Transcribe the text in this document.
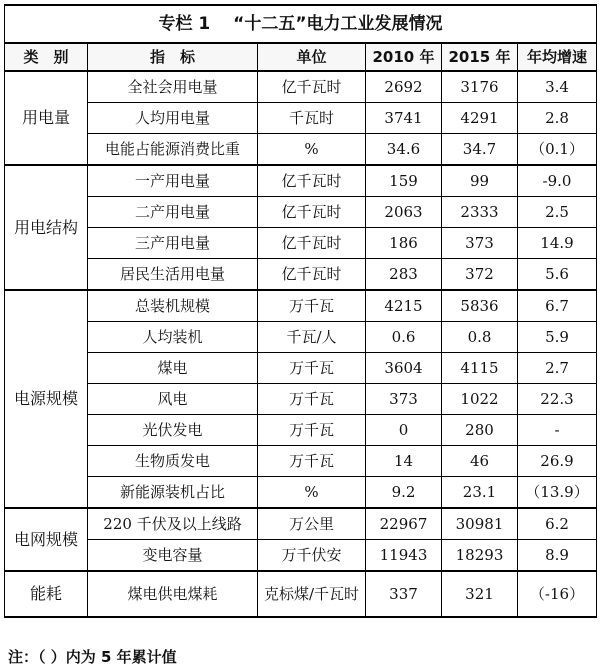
专栏 1　 “十二五”电力工业发展情况					
类　别	指　标	单位	2010 年	2015 年	年均增速
用电量	全社会用电量	亿千瓦时	2692	3176	3.4
	人均用电量	千瓦时	3741	4291	2.8
	电能占能源消费比重	%	34.6	34.7	（0.1）
用电结构	一产用电量	亿千瓦时	159	99	-9.0
	二产用电量	亿千瓦时	2063	2333	2.5
	三产用电量	亿千瓦时	186	373	14.9
	居民生活用电量	亿千瓦时	283	372	5.6
电源规模	总装机规模	万千瓦	4215	5836	6.7
	人均装机	千瓦/人	0.6	0.8	5.9
	煤电	万千瓦	3604	4115	2.7
	风电	万千瓦	373	1022	22.3
	光伏发电	万千瓦	0	280	-
	生物质发电	万千瓦	14	46	26.9
	新能源装机占比	%	9.2	23.1	（13.9）
电网规模	220 千伏及以上线路	万公里	22967	30981	6.2
	变电容量	万千伏安	11943	18293	8.9
能耗	煤电供电煤耗	克标煤/千瓦时	337	321	（-16）
注：（ ）内为 5 年累计值
